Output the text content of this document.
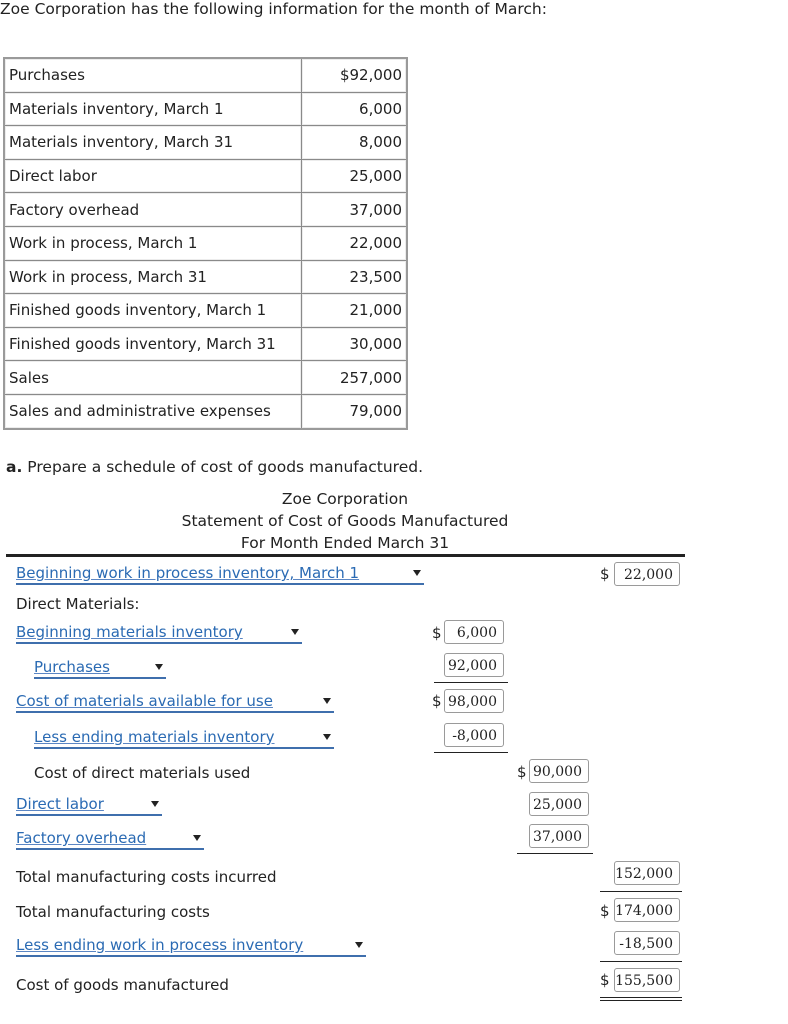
Zoe Corporation has the following information for the month of March:
Purchases	$92,000
Materials inventory, March 1	6,000
Materials inventory, March 31	8,000
Direct labor	25,000
Factory overhead	37,000
Work in process, March 1	22,000
Work in process, March 31	23,500
Finished goods inventory, March 1	21,000
Finished goods inventory, March 31	30,000
Sales	257,000
Sales and administrative expenses	79,000
a. Prepare a schedule of cost of goods manufactured.
Zoe Corporation
Statement of Cost of Goods Manufactured
For Month Ended March 31
Beginning work in process inventory, March 1	$	22,000
Direct Materials:
Beginning materials inventory	$	6,000
Purchases	92,000
Cost of materials available for use	$ 98,000
Less ending materials inventory	-8,000
Cost of direct materials used	$ 90,000
Direct labor	25,000
Factory overhead	37,000
Total manufacturing costs incurred	152,000
Total manufacturing costs	$ 174,000
Less ending work in process inventory	-18,500
Cost of goods manufactured	$ 155,500
